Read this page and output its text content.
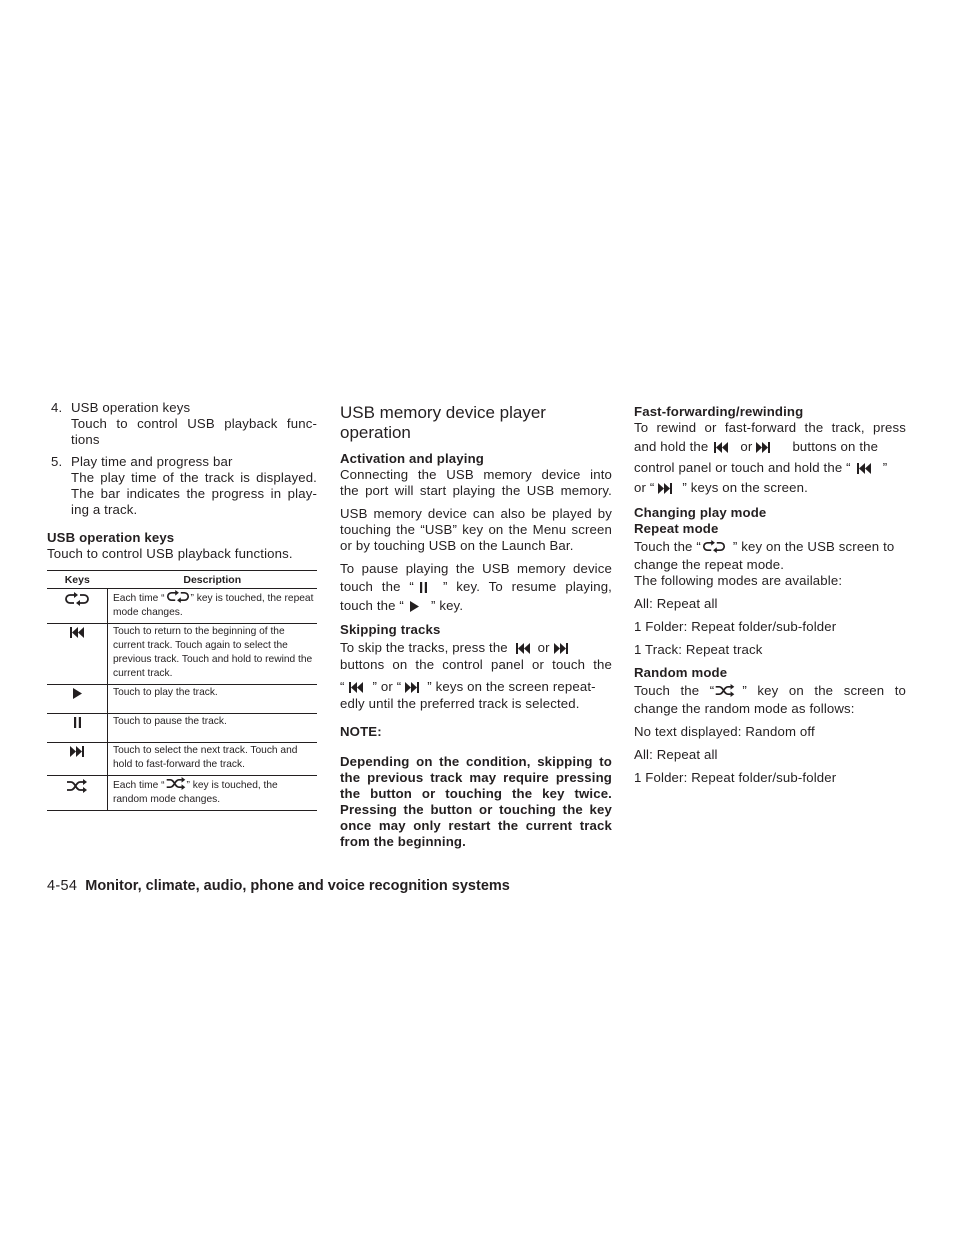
4. USB operation keys

Touch to control USB playback func-

tions

5. Play time and progress bar

The play time of the track is displayed.

The bar indicates the progress in play-

ing a track.

USB operation keys

Touch to control USB playback functions.

Keys	Description
	Each time “ ” key is touched, the repeat mode changes.
	Touch to return to the beginning of the current track. Touch again to select the previous track. Touch and hold to rewind the current track.
	Touch to play the track.
	Touch to pause the track.
	Touch to select the next track. Touch and hold to fast-forward the track.
	Each time “ ” key is touched, the random mode changes.
USB memory device player
operation

Activation and playing

Connecting the USB memory device into

the port will start playing the USB memory.

USB memory device can also be played by

touching the “USB” key on the Menu screen

or by touching USB on the Launch Bar.

To pause playing the USB memory device

touch the “ ” key. To resume playing,

touch the “ ” key.

Skipping tracks

To skip the tracks, press the or

buttons on the control panel or touch the

“ ” or “ ” keys on the screen repeat-

edly until the preferred track is selected.

NOTE:

Depending on the condition, skipping to

the previous track may require pressing

the button or touching the key twice.

Pressing the button or touching the key

once may only restart the current track

from the beginning.

Fast-forwarding/rewinding

To rewind or fast-forward the track, press

and hold the or	buttons on the

control panel or touch and hold the “ ”

or “ ” keys on the screen.

Changing play mode

Repeat mode

Touch the “ ” key on the USB screen to

change the repeat mode.

The following modes are available:

All: Repeat all

1 Folder: Repeat folder/sub-folder

1 Track: Repeat track

Random mode

Touch the “ ” key on the screen to

change the random mode as follows:

No text displayed: Random off

All: Repeat all

1 Folder: Repeat folder/sub-folder

4-54 Monitor, climate, audio, phone and voice recognition systems
